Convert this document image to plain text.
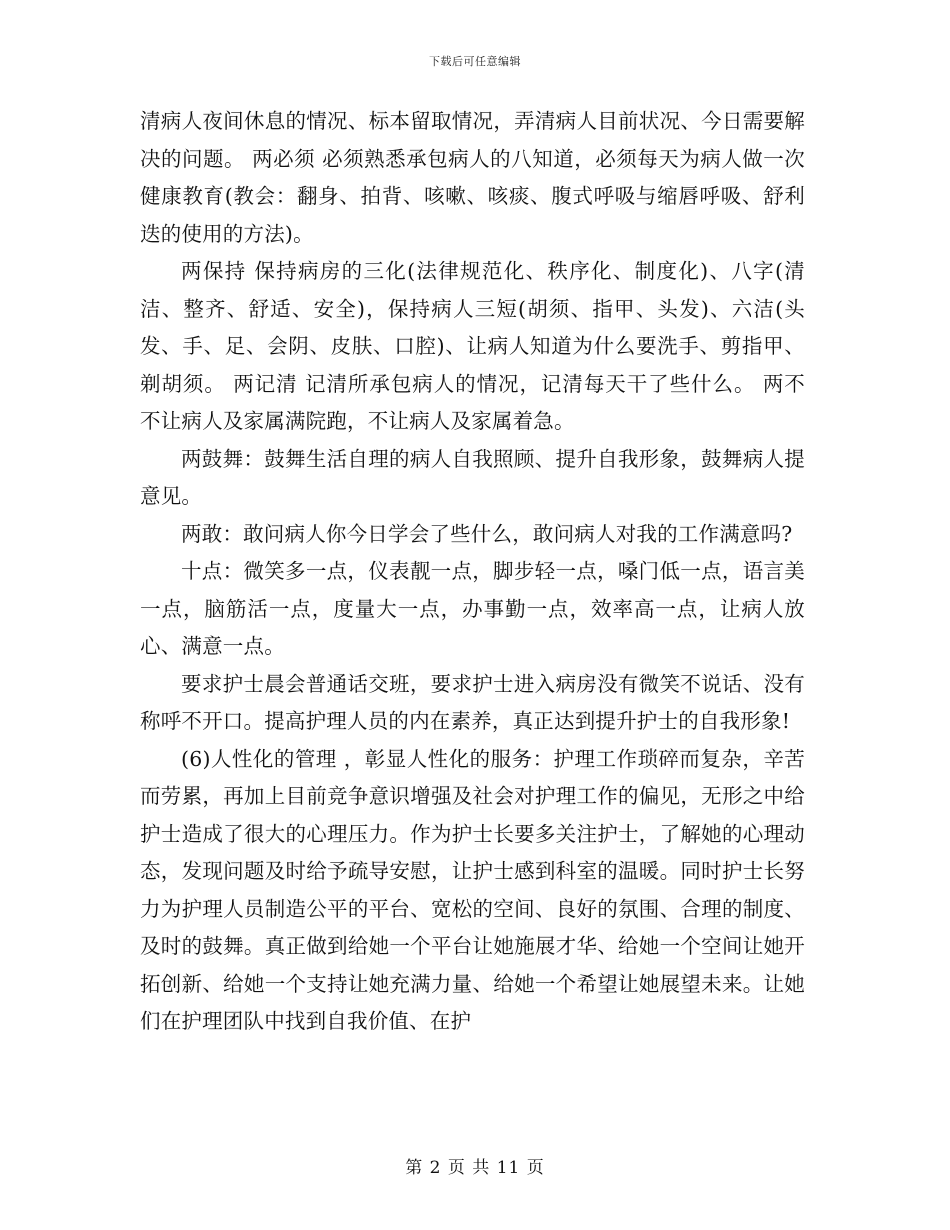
下载后可任意编辑

清病人夜间休息的情况、标本留取情况，弄清病人目前状况、今日需要解决的问题。 两必须 必须熟悉承包病人的八知道，必须每天为病人做一次健康教育(教会：翻身、拍背、咳嗽、咳痰、腹式呼吸与缩唇呼吸、舒利迭的使用的方法)。

两保持 保持病房的三化(法律规范化、秩序化、制度化)、八字(清洁、整齐、舒适、安全)，保持病人三短(胡须、指甲、头发)、六洁(头发、手、足、会阴、皮肤、口腔)、让病人知道为什么要洗手、剪指甲、剃胡须。 两记清 记清所承包病人的情况，记清每天干了些什么。 两不 不让病人及家属满院跑，不让病人及家属着急。

两鼓舞：鼓舞生活自理的病人自我照顾、提升自我形象，鼓舞病人提意见。

两敢：敢问病人你今日学会了些什么，敢问病人对我的工作满意吗?

十点：微笑多一点，仪表靓一点，脚步轻一点，嗓门低一点，语言美一点，脑筋活一点，度量大一点，办事勤一点，效率高一点，让病人放心、满意一点。

要求护士晨会普通话交班，要求护士进入病房没有微笑不说话、没有称呼不开口。提高护理人员的内在素养，真正达到提升护士的自我形象!

(6)人性化的管理 ，彰显人性化的服务：护理工作琐碎而复杂，辛苦而劳累，再加上目前竞争意识增强及社会对护理工作的偏见，无形之中给护士造成了很大的心理压力。作为护士长要多关注护士，了解她的心理动态，发现问题及时给予疏导安慰，让护士感到科室的温暖。同时护士长努力为护理人员制造公平的平台、宽松的空间、良好的氛围、合理的制度、及时的鼓舞。真正做到给她一个平台让她施展才华、给她一个空间让她开拓创新、给她一个支持让她充满力量、给她一个希望让她展望未来。让她们在护理团队中找到自我价值、在护

第 2 页 共 11 页
